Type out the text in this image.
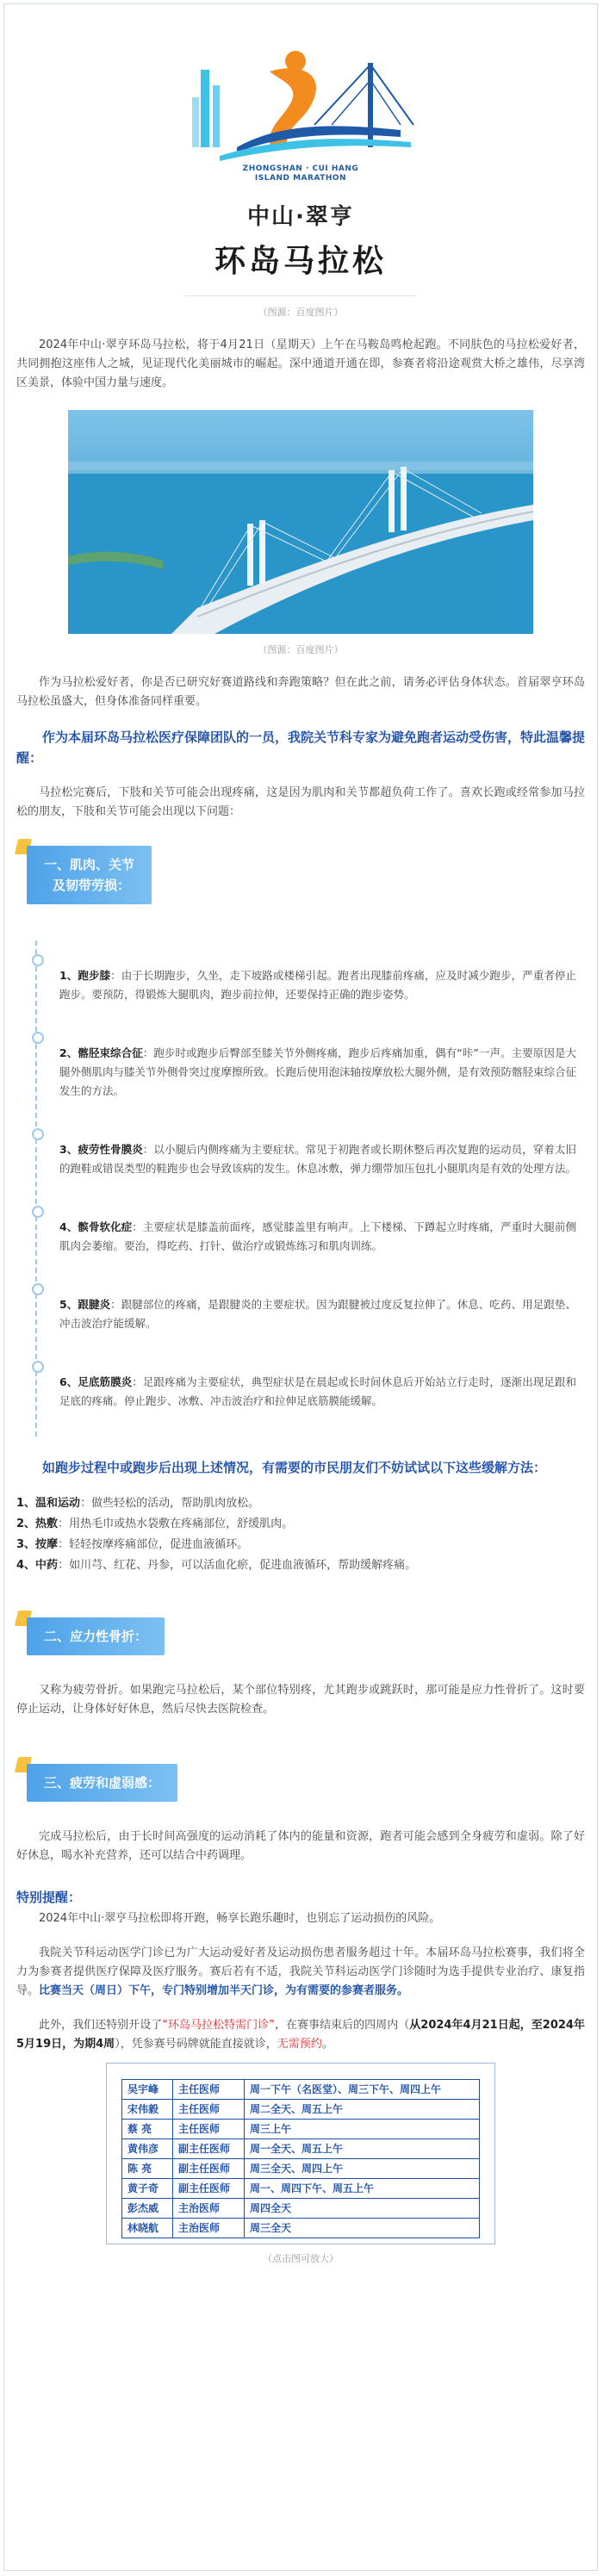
ZHONGSHAN · CUI HANG
ISLAND MARATHON
中山·翠亨
环岛马拉松
（图源：百度图片）

2024年中山·翠亨环岛马拉松，将于4月21日（星期天）上午在马鞍岛鸣枪起跑。不同肤色的马拉松爱好者，共同拥抱这座伟人之城，见证现代化美丽城市的崛起。深中通道开通在即，参赛者将沿途观赏大桥之雄伟，尽享湾区美景，体验中国力量与速度。

（图源：百度图片）

作为马拉松爱好者，你是否已研究好赛道路线和奔跑策略？但在此之前，请务必评估身体状态。首届翠亨环岛马拉松虽盛大，但身体准备同样重要。

作为本届环岛马拉松医疗保障团队的一员，我院关节科专家为避免跑者运动受伤害，特此温馨提醒：

马拉松完赛后，下肢和关节可能会出现疼痛，这是因为肌肉和关节都超负荷工作了。喜欢长跑或经常参加马拉松的朋友，下肢和关节可能会出现以下问题：

一、肌肉、关节
及韧带劳损：
1、跑步膝：由于长期跑步，久坐，走下坡路或楼梯引起。跑者出现膝前疼痛，应及时减少跑步，严重者停止跑步。要预防，得锻炼大腿肌肉，跑步前拉伸，还要保持正确的跑步姿势。
2、髂胫束综合征：跑步时或跑步后臀部至膝关节外侧疼痛，跑步后疼痛加重，偶有“咔”一声。主要原因是大腿外侧肌肉与膝关节外侧骨突过度摩擦所致。长跑后使用泡沫轴按摩放松大腿外侧，是有效预防髂胫束综合征发生的方法。
3、疲劳性骨膜炎：以小腿后内侧疼痛为主要症状。常见于初跑者或长期休整后再次复跑的运动员，穿着太旧的跑鞋或错误类型的鞋跑步也会导致该病的发生。休息冰敷，弹力绷带加压包扎小腿肌肉是有效的处理方法。
4、髌骨软化症：主要症状是膝盖前面疼，感觉膝盖里有响声。上下楼梯、下蹲起立时疼痛，严重时大腿前侧肌肉会萎缩。要治，得吃药、打针、做治疗或锻炼练习和肌肉训练。
5、跟腱炎：跟腱部位的疼痛，是跟腱炎的主要症状。因为跟腱被过度反复拉伸了。休息、吃药、用足跟垫、冲击波治疗能缓解。
6、足底筋膜炎：足跟疼痛为主要症状，典型症状是在晨起或长时间休息后开始站立行走时，逐渐出现足跟和足底的疼痛。停止跑步、冰敷、冲击波治疗和拉伸足底筋膜能缓解。

如跑步过程中或跑步后出现上述情况，有需要的市民朋友们不妨试试以下这些缓解方法：

1、温和运动：做些轻松的活动，帮助肌肉放松。
2、热敷：用热毛巾或热水袋敷在疼痛部位，舒缓肌肉。
3、按摩：轻轻按摩疼痛部位，促进血液循环。
4、中药：如川芎、红花、丹参，可以活血化瘀，促进血液循环，帮助缓解疼痛。
二、应力性骨折：

又称为疲劳骨折。如果跑完马拉松后，某个部位特别疼，尤其跑步或跳跃时，那可能是应力性骨折了。这时要停止运动，让身体好好休息，然后尽快去医院检查。

三、疲劳和虚弱感：

完成马拉松后，由于长时间高强度的运动消耗了体内的能量和资源，跑者可能会感到全身疲劳和虚弱。除了好好休息，喝水补充营养，还可以结合中药调理。

特别提醒：

2024年中山·翠亨马拉松即将开跑，畅享长跑乐趣时，也别忘了运动损伤的风险。

我院关节科运动医学门诊已为广大运动爱好者及运动损伤患者服务超过十年。本届环岛马拉松赛事，我们将全力为参赛者提供医疗保障及医疗服务。赛后若有不适，我院关节科运动医学门诊随时为选手提供专业治疗、康复指导。比赛当天（周日）下午，专门特别增加半天门诊，为有需要的参赛者服务。

此外，我们还特别开设了“环岛马拉松特需门诊”，在赛事结束后的四周内（从2024年4月21日起，至2024年5月19日，为期4周），凭参赛号码牌就能直接就诊，无需预约。

吴宇峰	主任医师	周一下午（名医堂）、周三下午、周四上午
宋伟毅	主任医师	周二全天、周五上午
蔡 亮	主任医师	周三上午
黄伟彦	副主任医师	周一全天、周五上午
陈 亮	副主任医师	周三全天、周四上午
黄子奇	副主任医师	周一、周四下午、周五上午
彭杰威	主治医师	周四全天
林晓航	主治医师	周三全天
（点击图可放大）
